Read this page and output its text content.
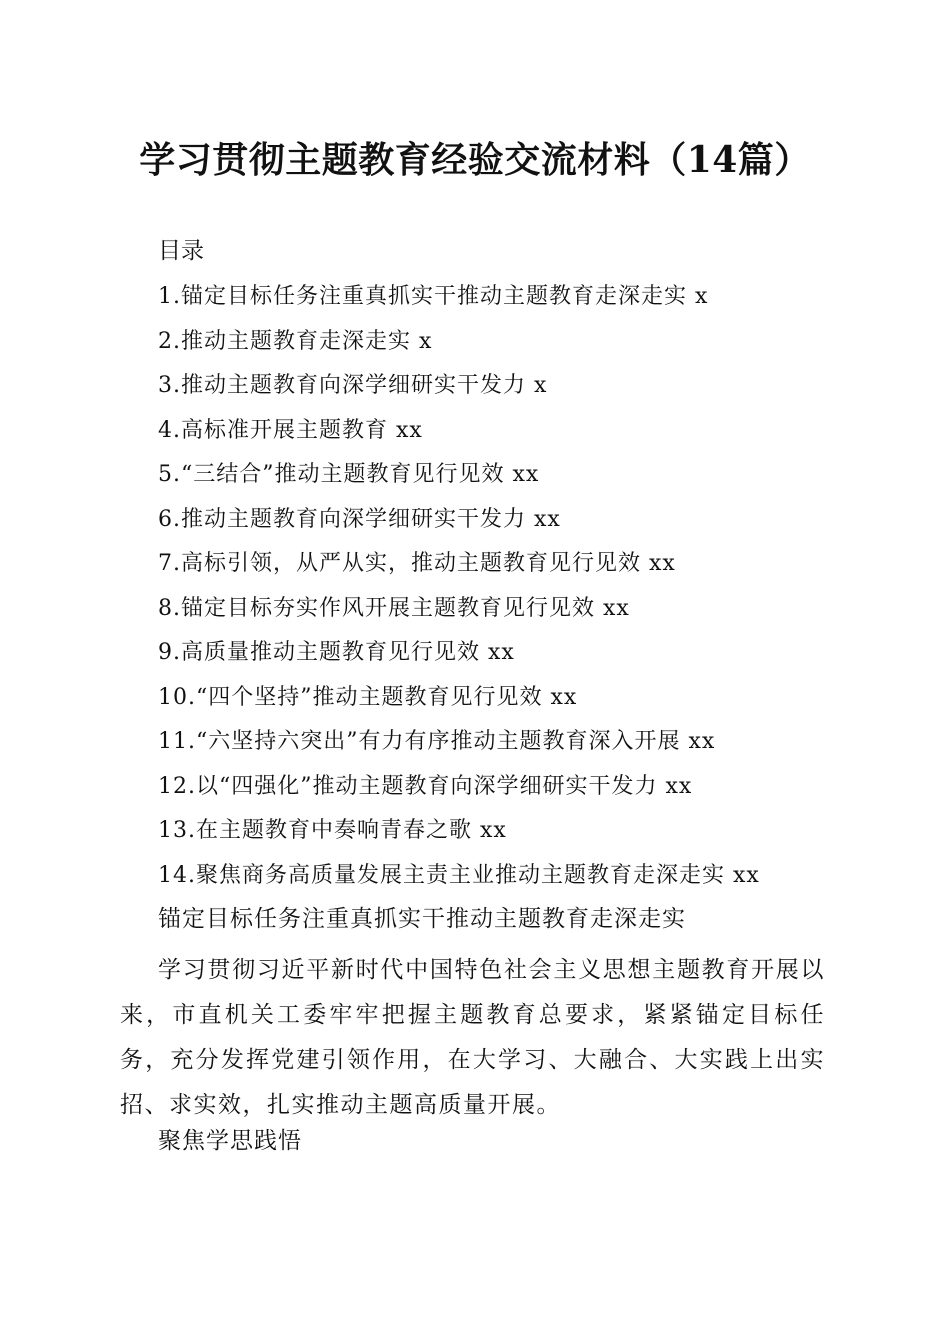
学习贯彻主题教育经验交流材料（14篇）

目录

1.锚定目标任务注重真抓实干推动主题教育走深走实 x
2.推动主题教育走深走实 x
3.推动主题教育向深学细研实干发力 x
4.高标准开展主题教育 xx
5.“三结合”推动主题教育见行见效 xx
6.推动主题教育向深学细研实干发力 xx
7.高标引领，从严从实，推动主题教育见行见效 xx
8.锚定目标夯实作风开展主题教育见行见效 xx
9.高质量推动主题教育见行见效 xx
10.“四个坚持”推动主题教育见行见效 xx
11.“六坚持六突出”有力有序推动主题教育深入开展 xx
12.以“四强化”推动主题教育向深学细研实干发力 xx
13.在主题教育中奏响青春之歌 xx
14.聚焦商务高质量发展主责主业推动主题教育走深走实 xx

锚定目标任务注重真抓实干推动主题教育走深走实

学习贯彻习近平新时代中国特色社会主义思想主题教育开展以来，市直机关工委牢牢把握主题教育总要求，紧紧锚定目标任务，充分发挥党建引领作用，在大学习、大融合、大实践上出实招、求实效，扎实推动主题高质量开展。

聚焦学思践悟
